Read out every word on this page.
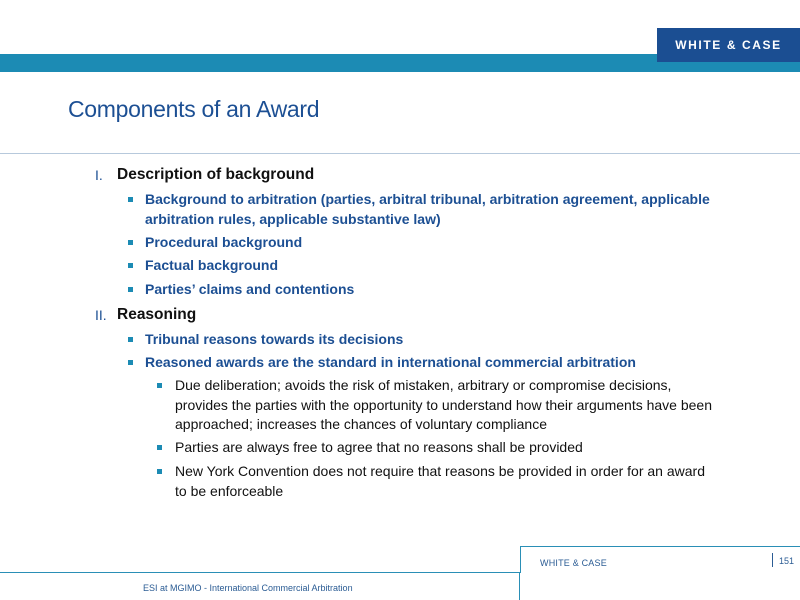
WHITE & CASE
Components of an Award
I. Description of background
Background to arbitration (parties, arbitral tribunal, arbitration agreement, applicable
arbitration rules, applicable substantive law)
Procedural background
Factual background
Parties’ claims and contentions
II. Reasoning
Tribunal reasons towards its decisions
Reasoned awards are the standard in international commercial arbitration
Due deliberation; avoids the risk of mistaken, arbitrary or compromise decisions,
provides the parties with the opportunity to understand how their arguments have been
approached; increases the chances of voluntary compliance
Parties are always free to agree that no reasons shall be provided
New York Convention does not require that reasons be provided in order for an award
to be enforceable
WHITE & CASE	151
ESI at MGIMO - International Commercial Arbitration
